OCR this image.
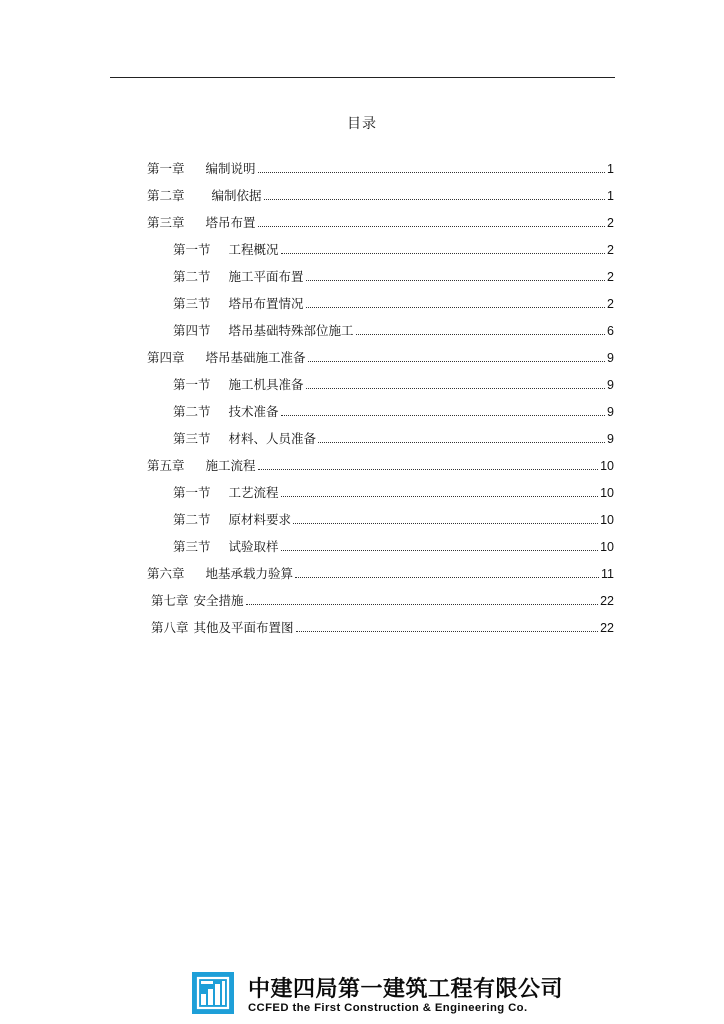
目录
第一章 编制说明	1
第二章 编制依据	1
第三章 塔吊布置	2
第一节 工程概况	2
第二节 施工平面布置	2
第三节 塔吊布置情况	2
第四节 塔吊基础特殊部位施工	6
第四章 塔吊基础施工准备	9
第一节 施工机具准备	9
第二节 技术准备	9
第三节 材料、人员准备	9
第五章 施工流程	10
第一节 工艺流程	10
第二节 原材料要求	10
第三节 试验取样	10
第六章 地基承载力验算	11
第七章 安全措施	22
第八章 其他及平面布置图	22
中建四局第一建筑工程有限公司
CCFED the First Construction & Engineering Co.
